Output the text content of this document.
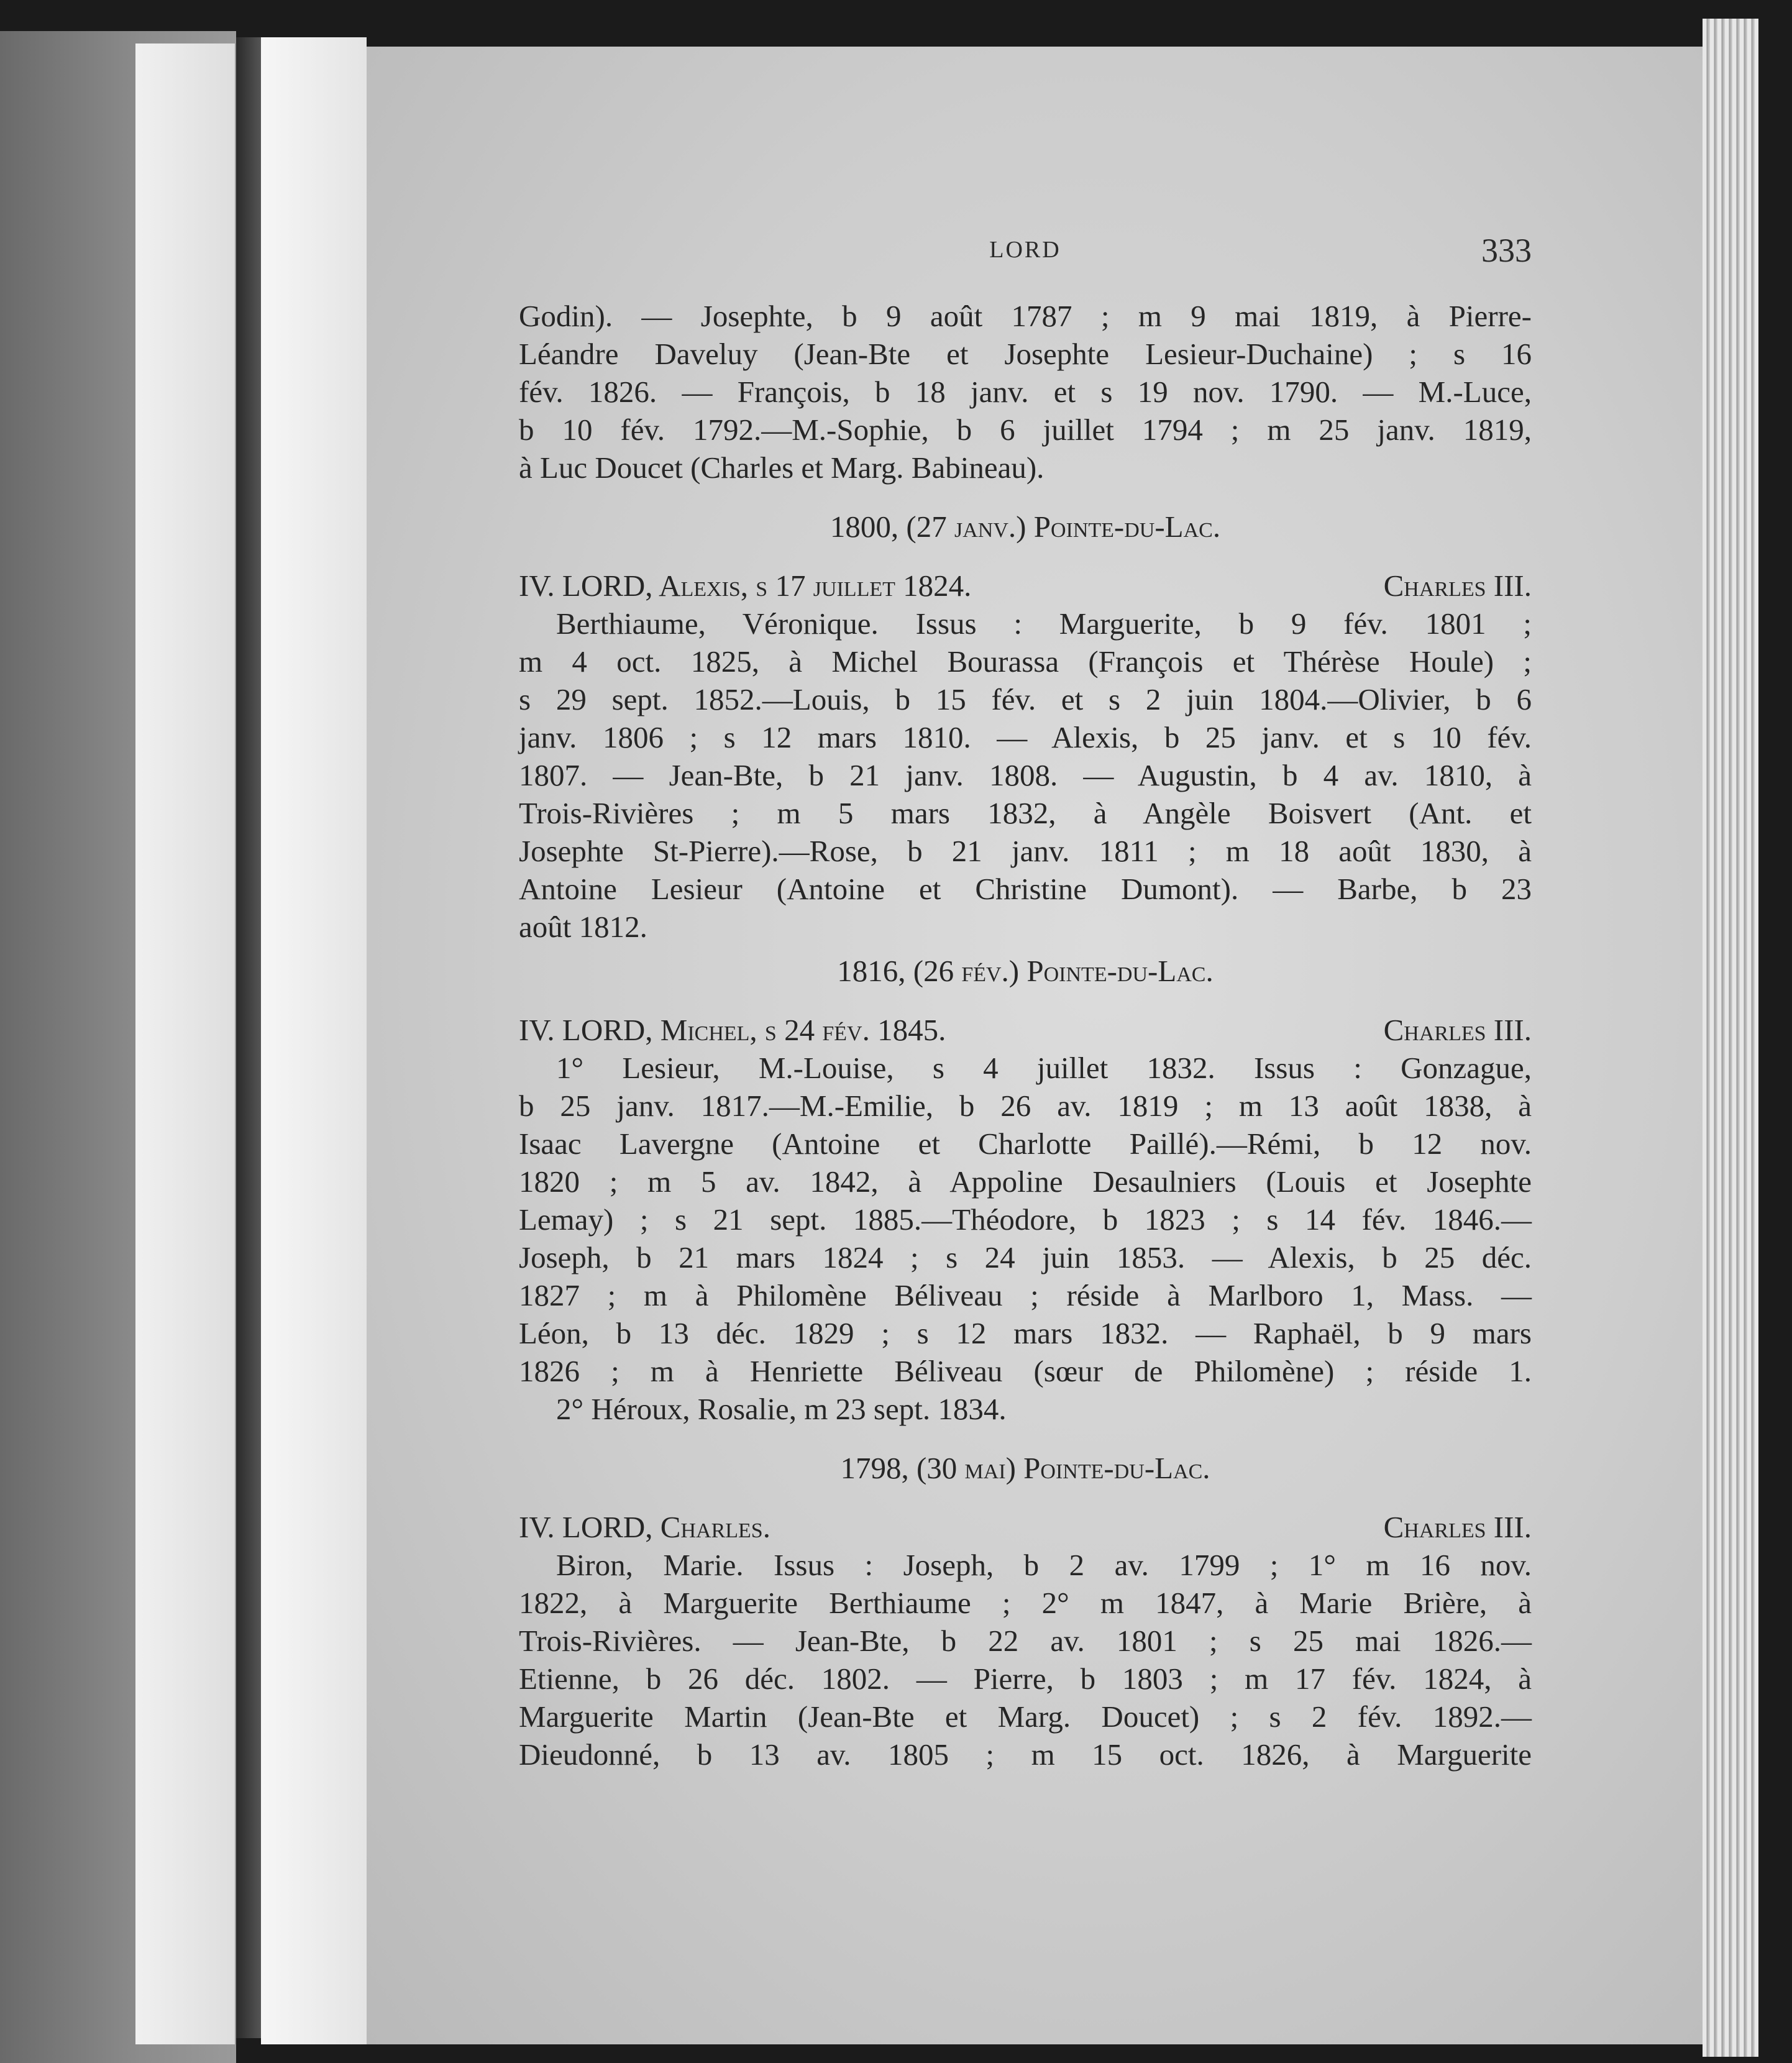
LORD	333
Godin). — Josephte, b 9 août 1787 ; m 9 mai 1819, à Pierre-
Léandre Daveluy (Jean-Bte et Josephte Lesieur-Duchaine) ; s 16
fév. 1826. — François, b 18 janv. et s 19 nov. 1790. — M.-Luce,
b 10 fév. 1792.—M.-Sophie, b 6 juillet 1794 ; m 25 janv. 1819,
à Luc Doucet (Charles et Marg. Babineau).
1800, (27 janv.) Pointe-du-Lac.
IV. LORD, Alexis, s 17 juillet 1824.	Charles III.
Berthiaume, Véronique. Issus : Marguerite, b 9 fév. 1801 ;
m 4 oct. 1825, à Michel Bourassa (François et Thérèse Houle) ;
s 29 sept. 1852.—Louis, b 15 fév. et s 2 juin 1804.—Olivier, b 6
janv. 1806 ; s 12 mars 1810. — Alexis, b 25 janv. et s 10 fév.
1807. — Jean-Bte, b 21 janv. 1808. — Augustin, b 4 av. 1810, à
Trois-Rivières ; m 5 mars 1832, à Angèle Boisvert (Ant. et
Josephte St-Pierre).—Rose, b 21 janv. 1811 ; m 18 août 1830, à
Antoine Lesieur (Antoine et Christine Dumont). — Barbe, b 23
août 1812.
1816, (26 fév.) Pointe-du-Lac.
IV. LORD, Michel, s 24 fév. 1845.	Charles III.
1° Lesieur, M.-Louise, s 4 juillet 1832. Issus : Gonzague,
b 25 janv. 1817.—M.-Emilie, b 26 av. 1819 ; m 13 août 1838, à
Isaac Lavergne (Antoine et Charlotte Paillé).—Rémi, b 12 nov.
1820 ; m 5 av. 1842, à Appoline Desaulniers (Louis et Josephte
Lemay) ; s 21 sept. 1885.—Théodore, b 1823 ; s 14 fév. 1846.—
Joseph, b 21 mars 1824 ; s 24 juin 1853. — Alexis, b 25 déc.
1827 ; m à Philomène Béliveau ; réside à Marlboro 1, Mass. —
Léon, b 13 déc. 1829 ; s 12 mars 1832. — Raphaël, b 9 mars
1826 ; m à Henriette Béliveau (sœur de Philomène) ; réside 1.
2° Héroux, Rosalie, m 23 sept. 1834.
1798, (30 mai) Pointe-du-Lac.
IV. LORD, Charles.	Charles III.
Biron, Marie. Issus : Joseph, b 2 av. 1799 ; 1° m 16 nov.
1822, à Marguerite Berthiaume ; 2° m 1847, à Marie Brière, à
Trois-Rivières. — Jean-Bte, b 22 av. 1801 ; s 25 mai 1826.—
Etienne, b 26 déc. 1802. — Pierre, b 1803 ; m 17 fév. 1824, à
Marguerite Martin (Jean-Bte et Marg. Doucet) ; s 2 fév. 1892.—
Dieudonné, b 13 av. 1805 ; m 15 oct. 1826, à Marguerite
